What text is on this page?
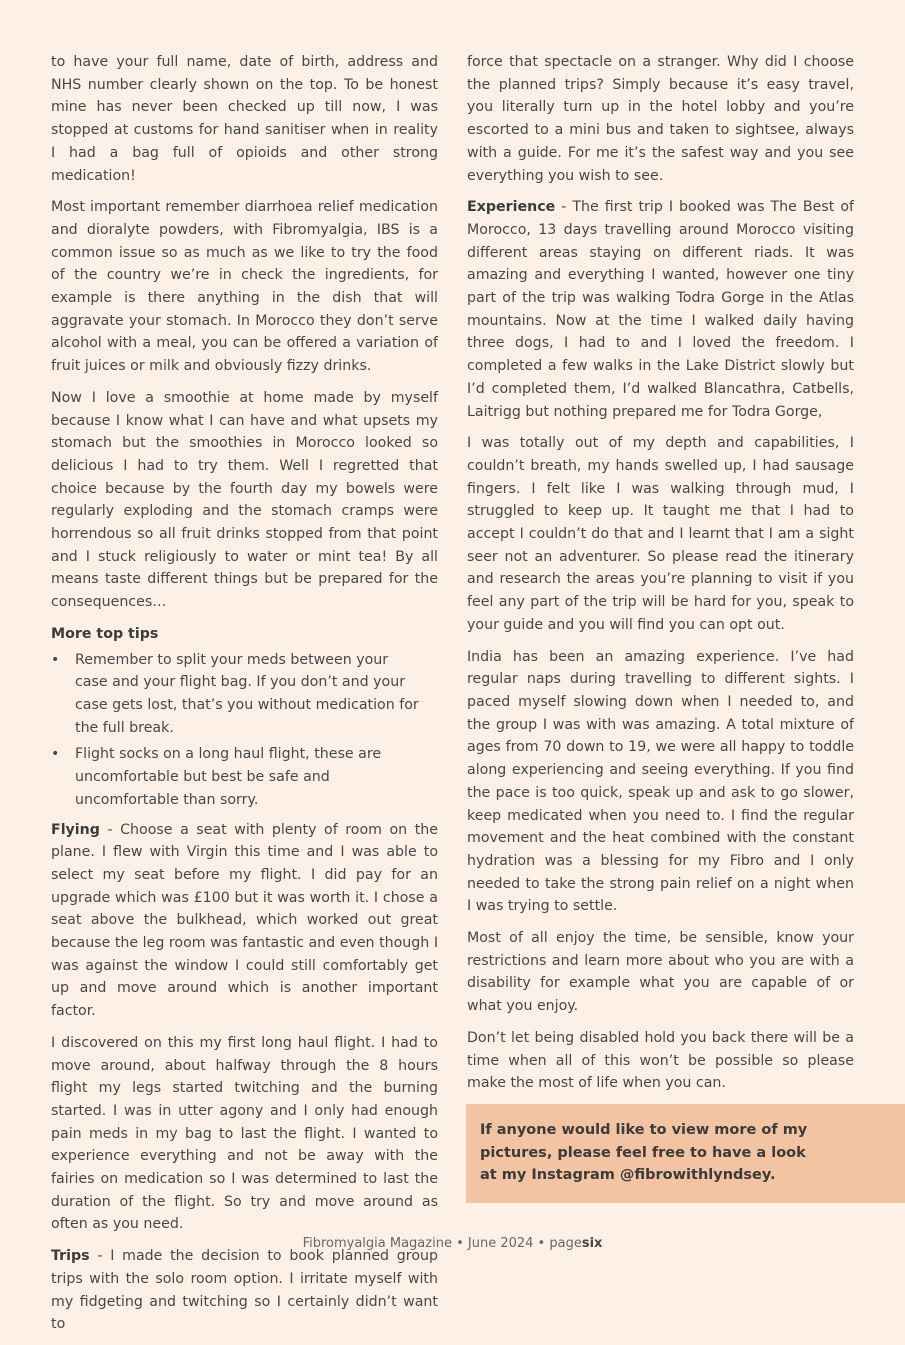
to have your full name, date of birth, address and NHS number clearly shown on the top. To be honest mine has never been checked up till now, I was stopped at customs for hand sanitiser when in reality I had a bag full of opioids and other strong medication!

Most important remember diarrhoea relief medication and dioralyte powders, with Fibromyalgia, IBS is a common issue so as much as we like to try the food of the country we’re in check the ingredients, for example is there anything in the dish that will aggravate your stomach. In Morocco they don’t serve alcohol with a meal, you can be offered a variation of fruit juices or milk and obviously fizzy drinks.

Now I love a smoothie at home made by myself because I know what I can have and what upsets my stomach but the smoothies in Morocco looked so delicious I had to try them. Well I regretted that choice because by the fourth day my bowels were regularly exploding and the stomach cramps were horrendous so all fruit drinks stopped from that point and I stuck religiously to water or mint tea! By all means taste different things but be prepared for the consequences…

More top tips
• Remember to split your meds between your case and your flight bag. If you don’t and your case gets lost, that’s you without medication for the full break.
• Flight socks on a long haul flight, these are uncomfortable but best be safe and uncomfortable than sorry.

Flying - Choose a seat with plenty of room on the plane. I flew with Virgin this time and I was able to select my seat before my flight. I did pay for an upgrade which was £100 but it was worth it. I chose a seat above the bulkhead, which worked out great because the leg room was fantastic and even though I was against the window I could still comfortably get up and move around which is another important factor.

I discovered on this my first long haul flight. I had to move around, about halfway through the 8 hours flight my legs started twitching and the burning started. I was in utter agony and I only had enough pain meds in my bag to last the flight. I wanted to experience everything and not be away with the fairies on medication so I was determined to last the duration of the flight. So try and move around as often as you need.

Trips - I made the decision to book planned group trips with the solo room option. I irritate myself with my fidgeting and twitching so I certainly didn’t want to

force that spectacle on a stranger. Why did I choose the planned trips? Simply because it’s easy travel, you literally turn up in the hotel lobby and you’re escorted to a mini bus and taken to sightsee, always with a guide. For me it’s the safest way and you see everything you wish to see.

Experience - The first trip I booked was The Best of Morocco, 13 days travelling around Morocco visiting different areas staying on different riads. It was amazing and everything I wanted, however one tiny part of the trip was walking Todra Gorge in the Atlas mountains. Now at the time I walked daily having three dogs, I had to and I loved the freedom. I completed a few walks in the Lake District slowly but I’d completed them, I’d walked Blancathra, Catbells, Laitrigg but nothing prepared me for Todra Gorge,

I was totally out of my depth and capabilities, I couldn’t breath, my hands swelled up, I had sausage fingers. I felt like I was walking through mud, I struggled to keep up. It taught me that I had to accept I couldn’t do that and I learnt that I am a sight seer not an adventurer. So please read the itinerary and research the areas you’re planning to visit if you feel any part of the trip will be hard for you, speak to your guide and you will find you can opt out.

India has been an amazing experience. I’ve had regular naps during travelling to different sights. I paced myself slowing down when I needed to, and the group I was with was amazing. A total mixture of ages from 70 down to 19, we were all happy to toddle along experiencing and seeing everything. If you find the pace is too quick, speak up and ask to go slower, keep medicated when you need to. I find the regular movement and the heat combined with the constant hydration was a blessing for my Fibro and I only needed to take the strong pain relief on a night when I was trying to settle.

Most of all enjoy the time, be sensible, know your restrictions and learn more about who you are with a disability for example what you are capable of or what you enjoy.

Don’t let being disabled hold you back there will be a time when all of this won’t be possible so please make the most of life when you can.

If anyone would like to view more of my pictures, please feel free to have a look at my Instagram @fibrowithlyndsey.

Fibromyalgia Magazine • June 2024 • pagesix
